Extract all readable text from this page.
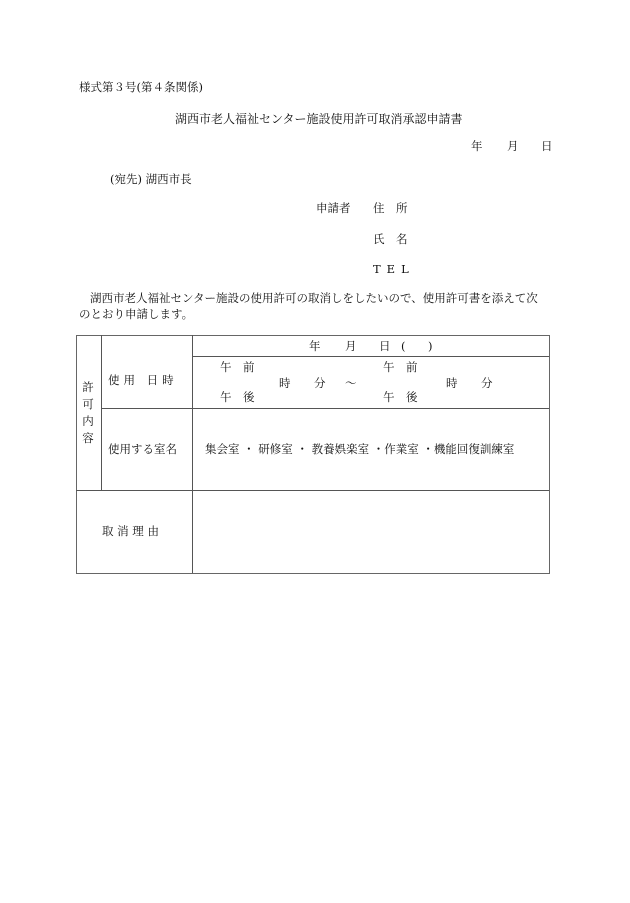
様式第３号(第４条関係)
湖西市老人福祉センター施設使用許可取消承認申請書
年 月 日
(宛先) 湖西市長
申請者 住　所
氏　名
TEL
湖西市老人福祉センター施設の使用許可の取消しをしたいので、使用許可書を添えて次
のとおり申請します。
許可内容
使用 日時
年 月 日 ( )
午　前
午　後
時 分 ～
午　前
午　後
時 分
使用する室名 集会室 ・ 研修室 ・ 教養娯楽室 ・作業室 ・機能回復訓練室
取 消 理 由
